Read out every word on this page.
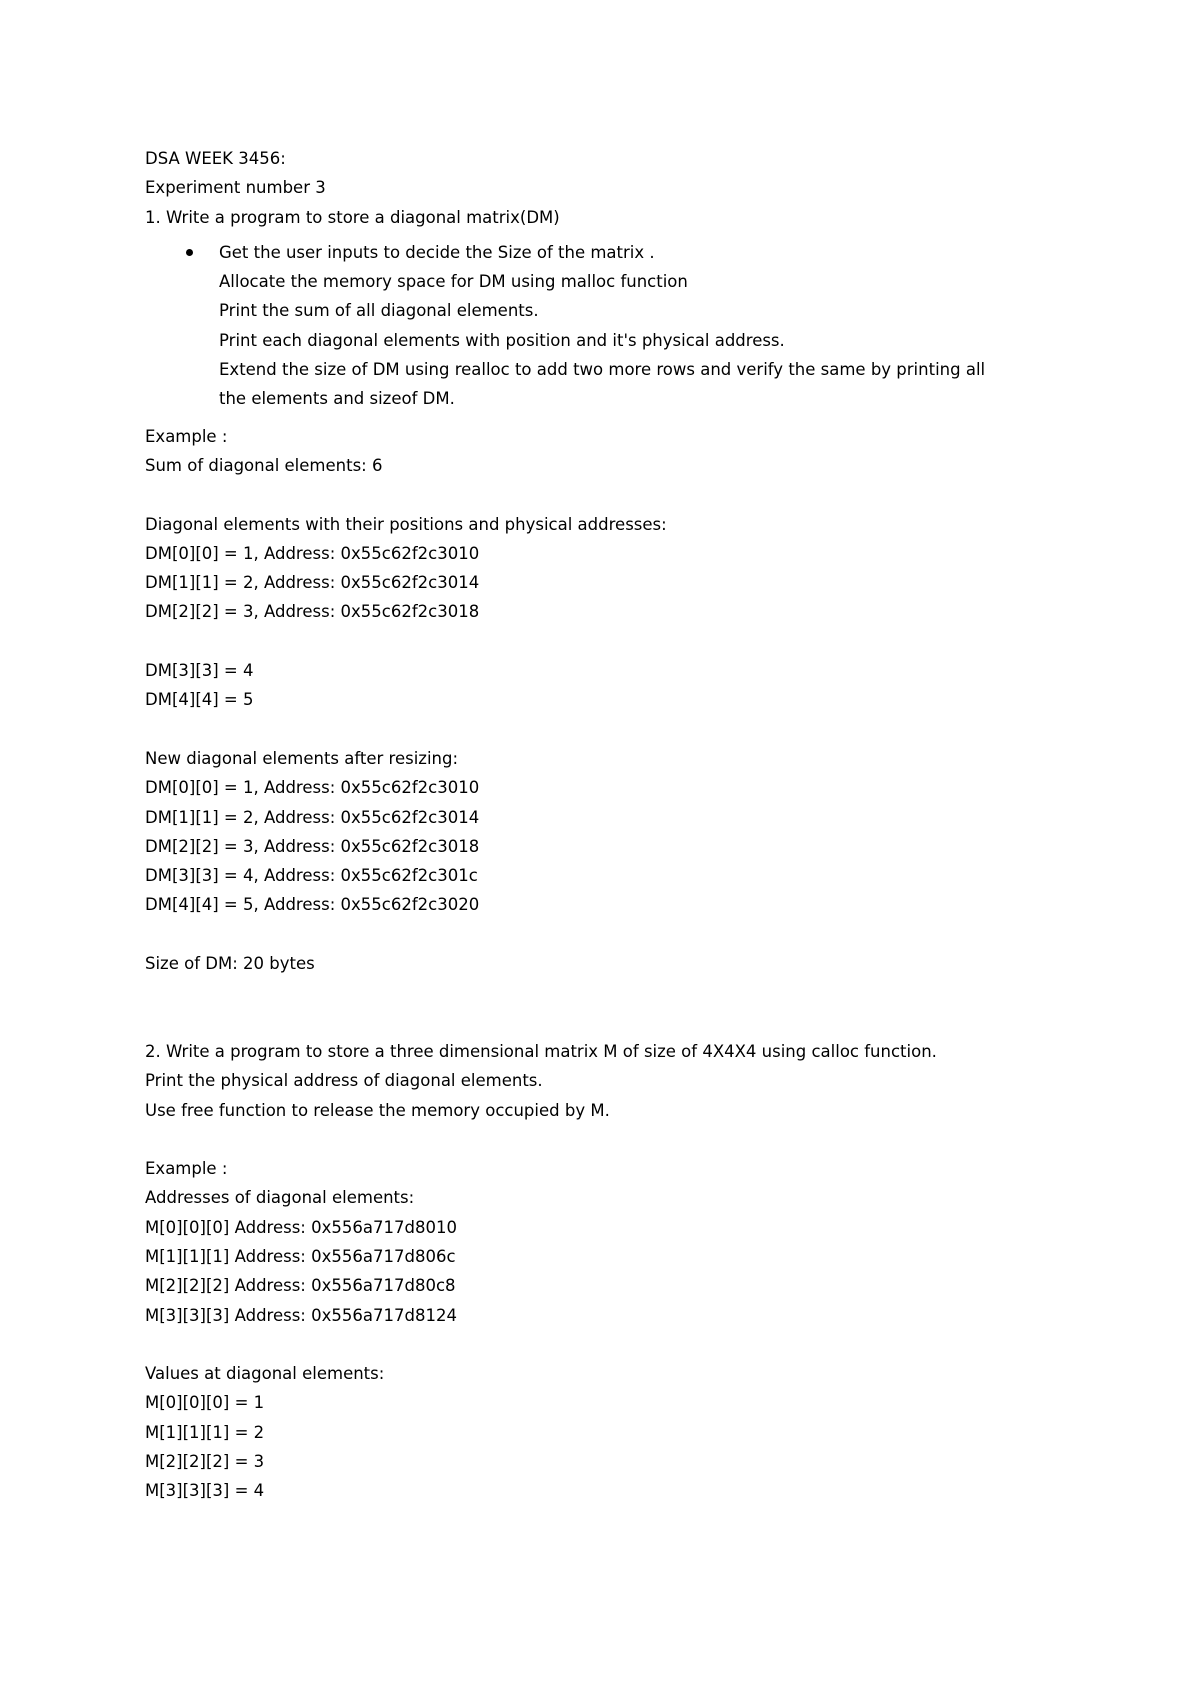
DSA WEEK 3456:
Experiment number 3
1. Write a program to store a diagonal matrix(DM)
Get the user inputs to decide the Size of the matrix .
Allocate the memory space for DM using malloc function
Print the sum of all diagonal elements.
Print each diagonal elements with position and it's physical address.
Extend the size of DM using realloc to add two more rows and verify the same by printing all
the elements and sizeof DM.
Example :
Sum of diagonal elements: 6
Diagonal elements with their positions and physical addresses:
DM[0][0] = 1, Address: 0x55c62f2c3010
DM[1][1] = 2, Address: 0x55c62f2c3014
DM[2][2] = 3, Address: 0x55c62f2c3018
DM[3][3] = 4
DM[4][4] = 5
New diagonal elements after resizing:
DM[0][0] = 1, Address: 0x55c62f2c3010
DM[1][1] = 2, Address: 0x55c62f2c3014
DM[2][2] = 3, Address: 0x55c62f2c3018
DM[3][3] = 4, Address: 0x55c62f2c301c
DM[4][4] = 5, Address: 0x55c62f2c3020
Size of DM: 20 bytes
2. Write a program to store a three dimensional matrix M of size of 4X4X4 using calloc function.
Print the physical address of diagonal elements.
Use free function to release the memory occupied by M.
Example :
Addresses of diagonal elements:
M[0][0][0] Address: 0x556a717d8010
M[1][1][1] Address: 0x556a717d806c
M[2][2][2] Address: 0x556a717d80c8
M[3][3][3] Address: 0x556a717d8124
Values at diagonal elements:
M[0][0][0] = 1
M[1][1][1] = 2
M[2][2][2] = 3
M[3][3][3] = 4
